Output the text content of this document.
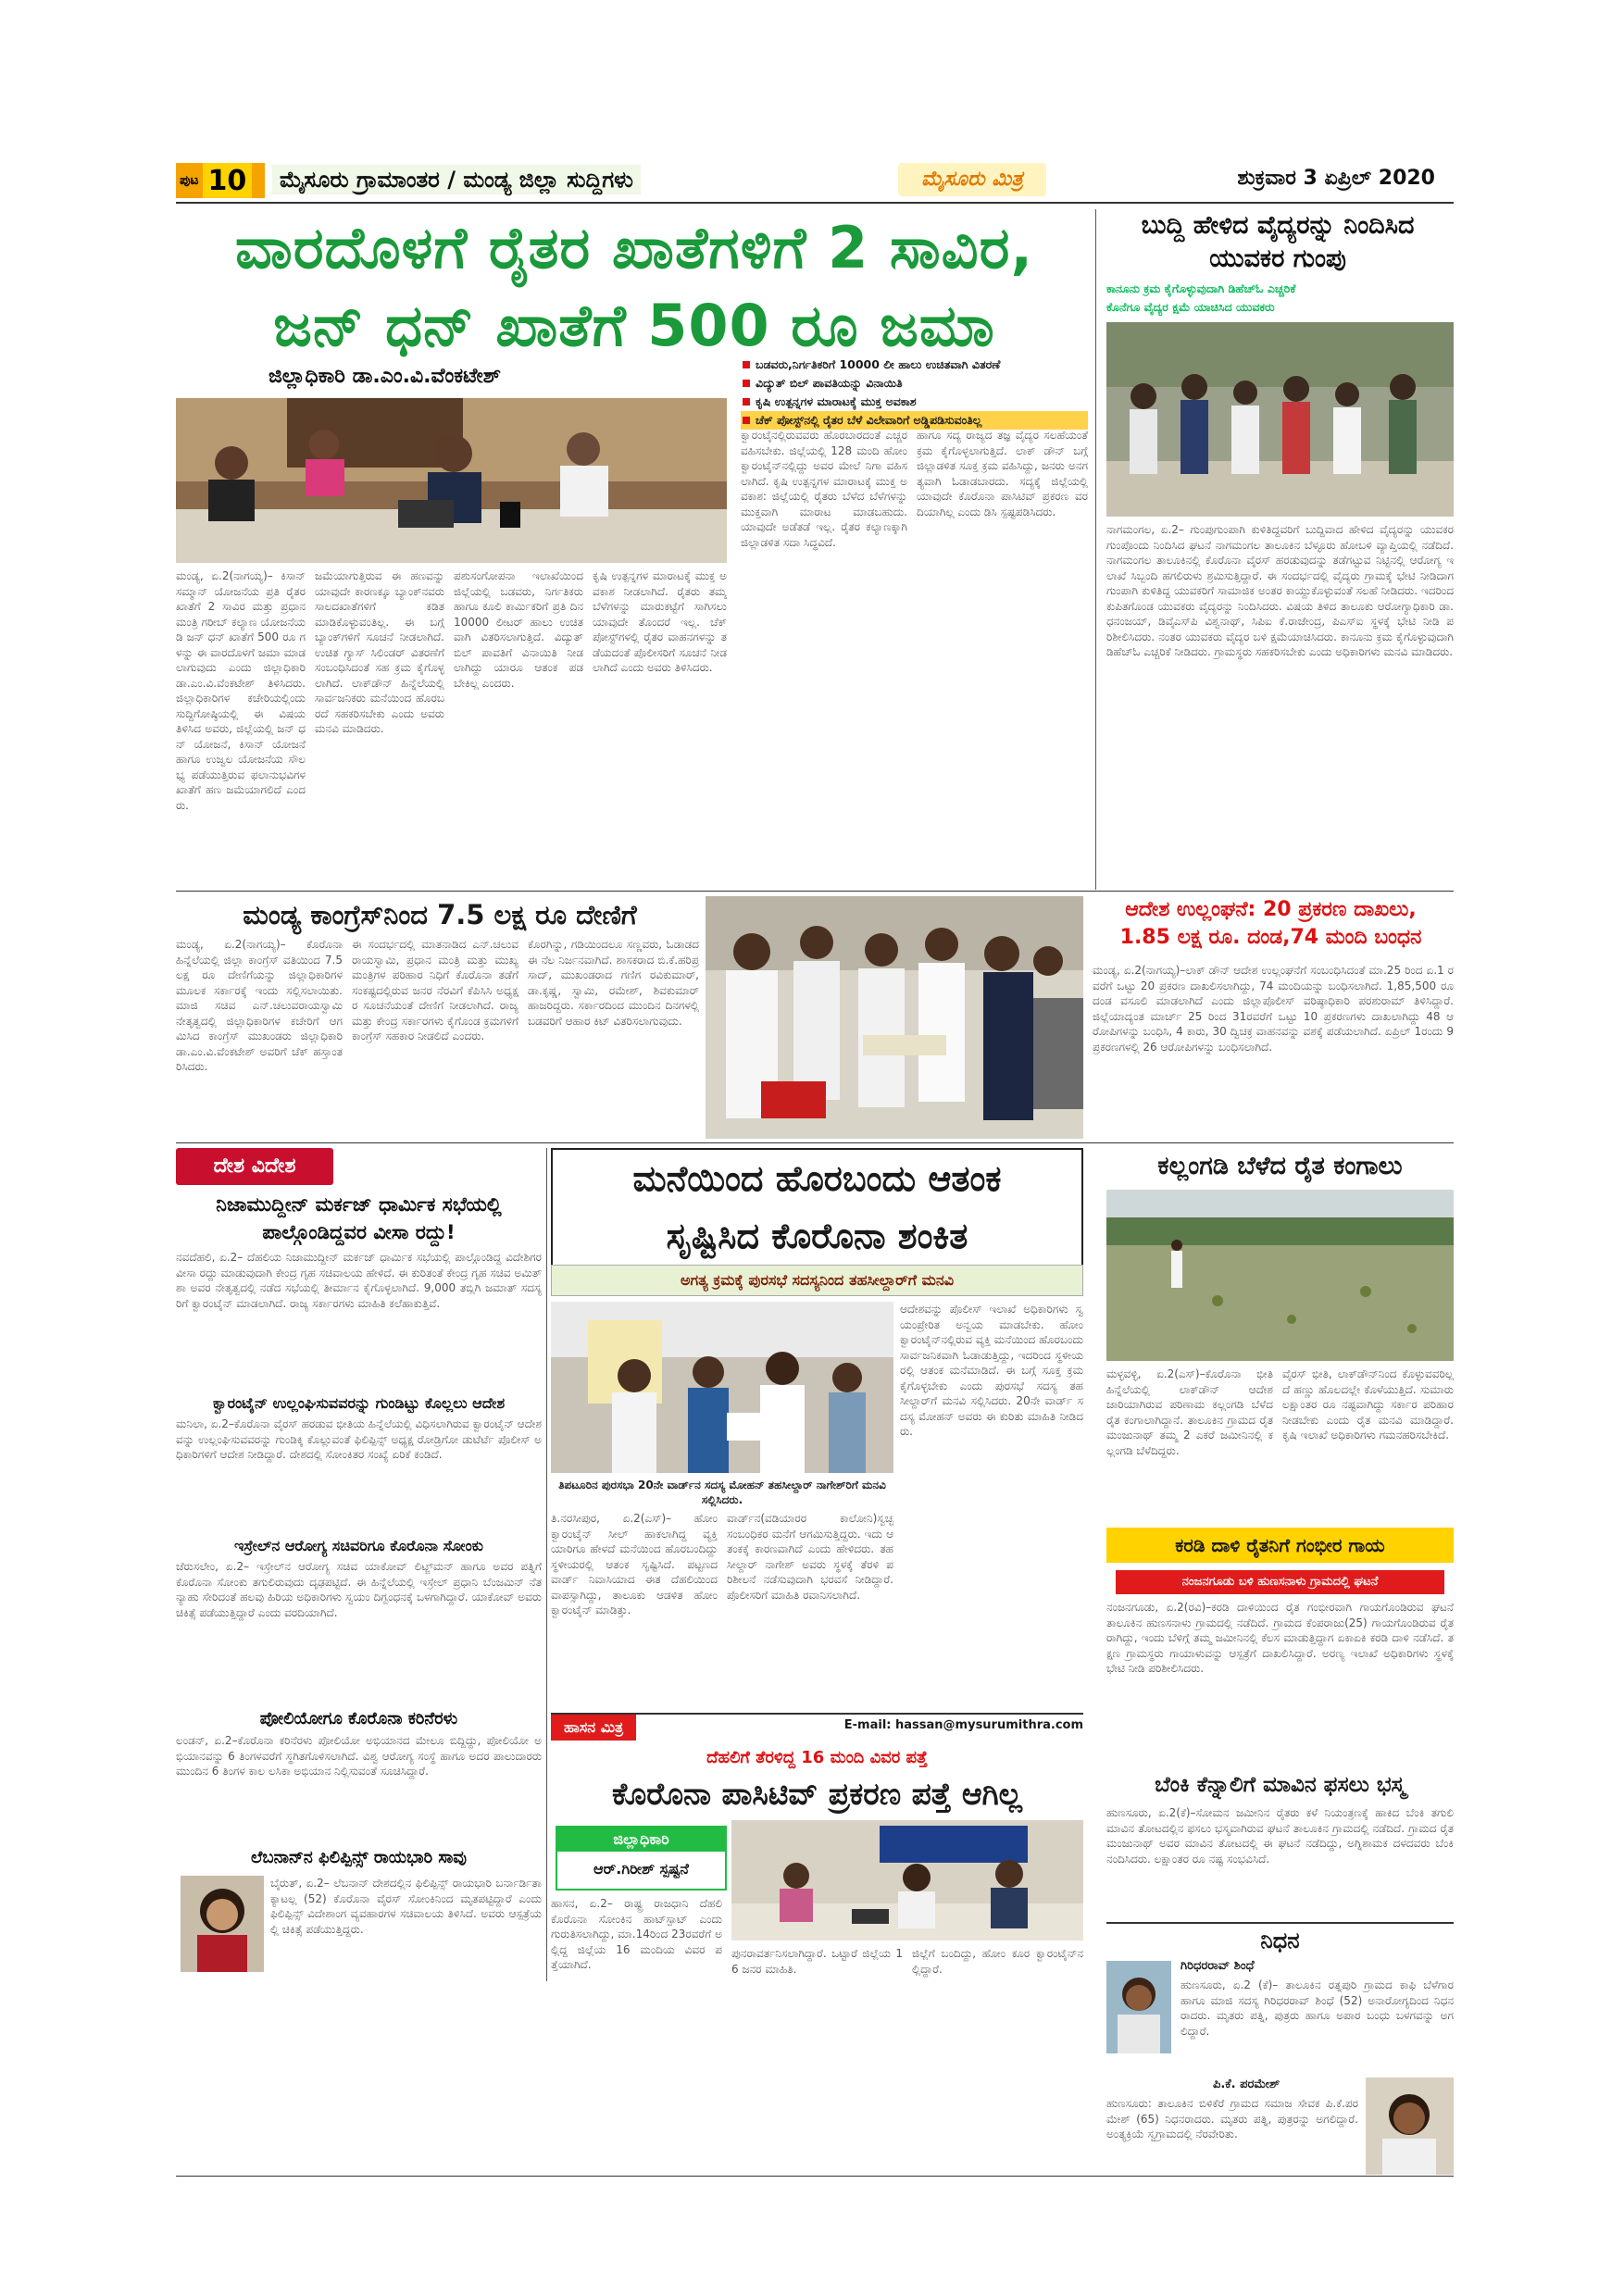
ಪುಟ 10	ಮೈಸೂರು ಗ್ರಾಮಾಂತರ / ಮಂಡ್ಯ ಜಿಲ್ಲಾ ಸುದ್ದಿಗಳು	ಮೈಸೂರು ಮಿತ್ರ	ಶುಕ್ರವಾರ 3 ಏಪ್ರಿಲ್ 2020
ವಾರದೊಳಗೆ ರೈತರ ಖಾತೆಗಳಿಗೆ 2 ಸಾವಿರ,
ಜನ್ ಧನ್ ಖಾತೆಗೆ 500 ರೂ ಜಮಾ
ಜಿಲ್ಲಾಧಿಕಾರಿ ಡಾ.ಎಂ.ವಿ.ವೆಂಕಟೇಶ್
ಬಡವರು,ನಿರ್ಗತಿಕರಿಗೆ 10000 ಲೀ ಹಾಲು ಉಚಿತವಾಗಿ ವಿತರಣೆ
ವಿದ್ಯುತ್ ಬಿಲ್ ಪಾವತಿಯನ್ನು ವಿನಾಯಿತಿ
ಕೃಷಿ ಉತ್ಪನ್ನಗಳ ಮಾರಾಟಕ್ಕೆ ಮುಕ್ತ ಅವಕಾಶ
ಚೆಕ್ ಪೋಸ್ಟ್‌ನಲ್ಲಿ ರೈತರ ಬೆಳೆ ವಿಲೇವಾರಿಗೆ ಅಡ್ಡಿಪಡಿಸುವಂತಿಲ್ಲ
ಮಂಡ್ಯ, ಏ.2(ನಾಗಯ್ಯ)– ಕಿಸಾನ್ ಸಮ್ಮಾನ್ ಯೋಜನೆಯ ಪ್ರತಿ ರೈತರ ಖಾತೆಗೆ 2 ಸಾವಿರ ಮತ್ತು ಪ್ರಧಾನ ಮಂತ್ರಿ ಗರೀಬ್ ಕಲ್ಯಾಣ ಯೋಜನೆಯಡಿ ಜನ್ ಧನ್ ಖಾತೆಗೆ 500 ರೂ ಗಳನ್ನು ಈ ವಾರದೊಳಗೆ ಜಮಾ ಮಾಡಲಾಗುವುದು ಎಂದು ಜಿಲ್ಲಾಧಿಕಾರಿ ಡಾ.ಎಂ.ವಿ.ವೆಂಕಟೇಶ್ ತಿಳಿಸಿದರು. ಜಿಲ್ಲಾಧಿಕಾರಿಗಳ ಕಚೇರಿಯಲ್ಲಿಂದು ಸುದ್ದಿಗೋಷ್ಠಿಯಲ್ಲಿ ಈ ವಿಷಯ ತಿಳಿಸಿದ ಅವರು, ಜಿಲ್ಲೆಯಲ್ಲಿ ಜನ್ ಧನ್ ಯೋಜನೆ, ಕಿಸಾನ್ ಯೋಜನೆ ಹಾಗೂ ಉಜ್ವಲ ಯೋಜನೆಯ ಸೌಲಭ್ಯ ಪಡೆಯುತ್ತಿರುವ ಫಲಾನುಭವಿಗಳ ಖಾತೆಗೆ ಹಣ ಜಮೆಯಾಗಲಿದೆ ಎಂದರು.
ಜಮೆಯಾಗುತ್ತಿರುವ ಈ ಹಣವನ್ನು ಯಾವುದೇ ಕಾರಣಕ್ಕೂ ಬ್ಯಾಂಕ್‌ನವರು ಸಾಲದಖಾತೆಗಳಿಗೆ ಕಡಿತ ಮಾಡಿಕೊಳ್ಳುವಂತಿಲ್ಲ. ಈ ಬಗ್ಗೆ ಬ್ಯಾಂಕ್‌ಗಳಿಗೆ ಸೂಚನೆ ನೀಡಲಾಗಿದೆ. ಉಚಿತ ಗ್ಯಾಸ್ ಸಿಲಿಂಡರ್ ವಿತರಣೆಗೆ ಸಂಬಂಧಿಸಿದಂತೆ ಸಹ ಕ್ರಮ ಕೈಗೊಳ್ಳಲಾಗಿದೆ. ಲಾಕ್‌ಡೌನ್ ಹಿನ್ನೆಲೆಯಲ್ಲಿ ಸಾರ್ವಜನಿಕರು ಮನೆಯಿಂದ ಹೊರಬರದೆ ಸಹಕರಿಸಬೇಕು ಎಂದು ಅವರು ಮನವಿ ಮಾಡಿದರು.
ಪಶುಸಂಗೋಪನಾ ಇಲಾಖೆಯಿಂದ ಜಿಲ್ಲೆಯಲ್ಲಿ ಬಡವರು, ನಿರ್ಗತಿಕರು ಹಾಗೂ ಕೂಲಿ ಕಾರ್ಮಿಕರಿಗೆ ಪ್ರತಿ ದಿನ 10000 ಲೀಟರ್ ಹಾಲು ಉಚಿತವಾಗಿ ವಿತರಿಸಲಾಗುತ್ತಿದೆ. ವಿದ್ಯುತ್ ಬಿಲ್ ಪಾವತಿಗೆ ವಿನಾಯಿತಿ ನೀಡಲಾಗಿದ್ದು ಯಾರೂ ಆತಂಕ ಪಡಬೇಕಿಲ್ಲ ಎಂದರು.
ಕೃಷಿ ಉತ್ಪನ್ನಗಳ ಮಾರಾಟಕ್ಕೆ ಮುಕ್ತ ಅವಕಾಶ ನೀಡಲಾಗಿದೆ. ರೈತರು ತಮ್ಮ ಬೆಳೆಗಳನ್ನು ಮಾರುಕಟ್ಟೆಗೆ ಸಾಗಿಸಲು ಯಾವುದೇ ತೊಂದರೆ ಇಲ್ಲ. ಚೆಕ್ ಪೋಸ್ಟ್‌ಗಳಲ್ಲಿ ರೈತರ ವಾಹನಗಳನ್ನು ತಡೆಯದಂತೆ ಪೊಲೀಸರಿಗೆ ಸೂಚನೆ ನೀಡಲಾಗಿದೆ ಎಂದು ಅವರು ತಿಳಿಸಿದರು.
ಕ್ವಾರಂಟೈನಲ್ಲಿರುವವರು ಹೊರಬಾರದಂತೆ ಎಚ್ಚರ ವಹಿಸಬೇಕು. ಜಿಲ್ಲೆಯಲ್ಲಿ 128 ಮಂದಿ ಹೋಂ ಕ್ವಾರಂಟೈನ್‌ನಲ್ಲಿದ್ದು ಅವರ ಮೇಲೆ ನಿಗಾ ವಹಿಸಲಾಗಿದೆ. ಕೃಷಿ ಉತ್ಪನ್ನಗಳ ಮಾರಾಟಕ್ಕೆ ಮುಕ್ತ ಅವಕಾಶ: ಜಿಲ್ಲೆಯಲ್ಲಿ ರೈತರು ಬೆಳೆದ ಬೆಳೆಗಳನ್ನು ಮುಕ್ತವಾಗಿ ಮಾರಾಟ ಮಾಡಬಹುದು. ಯಾವುದೇ ಅಡೆತಡೆ ಇಲ್ಲ. ರೈತರ ಕಲ್ಯಾಣಕ್ಕಾಗಿ ಜಿಲ್ಲಾಡಳಿತ ಸದಾ ಸಿದ್ಧವಿದೆ.
ಹಾಗೂ ಸದ್ಯ ರಾಜ್ಯದ ತಜ್ಞ ವೈದ್ಯರ ಸಲಹೆಯಂತೆ ಕ್ರಮ ಕೈಗೊಳ್ಳಲಾಗುತ್ತಿದೆ. ಲಾಕ್ ಡೌನ್ ಬಗ್ಗೆ ಜಿಲ್ಲಾಡಳಿತ ಸೂಕ್ತ ಕ್ರಮ ವಹಿಸಿದ್ದು, ಜನರು ಅನಗತ್ಯವಾಗಿ ಓಡಾಡಬಾರದು. ಸದ್ಯಕ್ಕೆ ಜಿಲ್ಲೆಯಲ್ಲಿ ಯಾವುದೇ ಕೊರೊನಾ ಪಾಸಿಟಿವ್ ಪ್ರಕರಣ ವರದಿಯಾಗಿಲ್ಲ ಎಂದು ಡಿಸಿ ಸ್ಪಷ್ಟಪಡಿಸಿದರು.
ಬುದ್ದಿ ಹೇಳಿದ ವೈದ್ಯರನ್ನು ನಿಂದಿಸಿದ ಯುವಕರ ಗುಂಪು
ಕಾನೂನು ಕ್ರಮ ಕೈಗೊಳ್ಳುವುದಾಗಿ ಡಿಹೆಚ್‌ಓ ಎಚ್ಚರಿಕೆ
ಕೊನೆಗೂ ವೈದ್ಯರ ಕ್ಷಮೆ ಯಾಚಿಸಿದ ಯುವಕರು
ನಾಗಮಂಗಲ, ಏ.2– ಗುಂಪುಗುಂಪಾಗಿ ಕುಳಿತಿದ್ದವರಿಗೆ ಬುದ್ದಿವಾದ ಹೇಳಿದ ವೈದ್ಯರನ್ನು ಯುವಕರ ಗುಂಪೊಂದು ನಿಂದಿಸಿದ ಘಟನೆ ನಾಗಮಂಗಲ ತಾಲೂಕಿನ ಬೆಳ್ಳೂರು ಹೋಬಳಿ ವ್ಯಾಪ್ತಿಯಲ್ಲಿ ನಡೆದಿದೆ. ನಾಗಮಂಗಲ ತಾಲೂಕಿನಲ್ಲಿ ಕೊರೊನಾ ವೈರಸ್ ಹರಡುವುದನ್ನು ತಡೆಗಟ್ಟುವ ನಿಟ್ಟಿನಲ್ಲಿ ಆರೋಗ್ಯ ಇಲಾಖೆ ಸಿಬ್ಬಂದಿ ಹಗಲಿರುಳು ಶ್ರಮಿಸುತ್ತಿದ್ದಾರೆ. ಈ ಸಂದರ್ಭದಲ್ಲಿ ವೈದ್ಯರು ಗ್ರಾಮಕ್ಕೆ ಭೇಟಿ ನೀಡಿದಾಗ ಗುಂಪಾಗಿ ಕುಳಿತಿದ್ದ ಯುವಕರಿಗೆ ಸಾಮಾಜಿಕ ಅಂತರ ಕಾಯ್ದುಕೊಳ್ಳುವಂತೆ ಸಲಹೆ ನೀಡಿದರು. ಇದರಿಂದ ಕುಪಿತಗೊಂಡ ಯುವಕರು ವೈದ್ಯರನ್ನು ನಿಂದಿಸಿದರು. ವಿಷಯ ತಿಳಿದ ತಾಲೂಕು ಆರೋಗ್ಯಾಧಿಕಾರಿ ಡಾ.ಧನಂಜಯ್, ಡಿವೈಎಸ್‌ಪಿ ವಿಶ್ವನಾಥ್, ಸಿಪಿಐ ಕೆ.ರಾಜೇಂದ್ರ, ಪಿಎಸ್‌ಐ ಸ್ಥಳಕ್ಕೆ ಭೇಟಿ ನೀಡಿ ಪರಿಶೀಲಿಸಿದರು. ನಂತರ ಯುವಕರು ವೈದ್ಯರ ಬಳಿ ಕ್ಷಮೆಯಾಚಿಸಿದರು. ಕಾನೂನು ಕ್ರಮ ಕೈಗೊಳ್ಳುವುದಾಗಿ ಡಿಹೆಚ್‌ಓ ಎಚ್ಚರಿಕೆ ನೀಡಿದರು. ಗ್ರಾಮಸ್ಥರು ಸಹಕರಿಸಬೇಕು ಎಂದು ಅಧಿಕಾರಿಗಳು ಮನವಿ ಮಾಡಿದರು.
ಮಂಡ್ಯ ಕಾಂಗ್ರೆಸ್‌ನಿಂದ 7.5 ಲಕ್ಷ ರೂ ದೇಣಿಗೆ
ಮಂಡ್ಯ, ಏ.2(ನಾಗಯ್ಯ)– ಕೊರೊನಾ ಹಿನ್ನೆಲೆಯಲ್ಲಿ ಜಿಲ್ಲಾ ಕಾಂಗ್ರೆಸ್ ವತಿಯಿಂದ 7.5 ಲಕ್ಷ ರೂ ದೇಣಿಗೆಯನ್ನು ಜಿಲ್ಲಾಧಿಕಾರಿಗಳ ಮೂಲಕ ಸರ್ಕಾರಕ್ಕೆ ಇಂದು ಸಲ್ಲಿಸಲಾಯಿತು. ಮಾಜಿ ಸಚಿವ ಎನ್.ಚಲುವರಾಯಸ್ವಾಮಿ ನೇತೃತ್ವದಲ್ಲಿ ಜಿಲ್ಲಾಧಿಕಾರಿಗಳ ಕಚೇರಿಗೆ ಆಗಮಿಸಿದ ಕಾಂಗ್ರೆಸ್ ಮುಖಂಡರು ಜಿಲ್ಲಾಧಿಕಾರಿ ಡಾ.ಎಂ.ವಿ.ವೆಂಕಟೇಶ್ ಅವರಿಗೆ ಚೆಕ್ ಹಸ್ತಾಂತರಿಸಿದರು.
ಈ ಸಂದರ್ಭದಲ್ಲಿ ಮಾತನಾಡಿದ ಎನ್.ಚಲುವರಾಯಸ್ವಾಮಿ, ಪ್ರಧಾನ ಮಂತ್ರಿ ಮತ್ತು ಮುಖ್ಯಮಂತ್ರಿಗಳ ಪರಿಹಾರ ನಿಧಿಗೆ ಕೊರೊನಾ ತಡೆಗೆ ಸಂಕಷ್ಟದಲ್ಲಿರುವ ಜನರ ನೆರವಿಗೆ ಕೆಪಿಸಿಸಿ ಅಧ್ಯಕ್ಷರ ಸೂಚನೆಯಂತೆ ದೇಣಿಗೆ ನೀಡಲಾಗಿದೆ. ರಾಜ್ಯ ಮತ್ತು ಕೇಂದ್ರ ಸರ್ಕಾರಗಳು ಕೈಗೊಂಡ ಕ್ರಮಗಳಿಗೆ ಕಾಂಗ್ರೆಸ್ ಸಹಕಾರ ನೀಡಲಿದೆ ಎಂದರು.
ಕೊರಗಿನ್ನು, ಗಡಿಯಿಂದಲೂ ಸಣ್ಣವರು, ಓಡಾಡದ ಈ ನೆಲ ನಿರ್ಜನವಾಗಿದೆ. ಶಾಸಕರಾದ ಬಿ.ಕೆ.ಹರಿಪ್ರಸಾದ್, ಮುಖಂಡರಾದ ಗಣಿಗ ರವಿಕುಮಾರ್, ಡಾ.ಕೃಷ್ಣ, ಸ್ವಾಮಿ, ರಮೇಶ್, ಶಿವಕುಮಾರ್ ಹಾಜರಿದ್ದರು. ಸರ್ಕಾರದಿಂದ ಮುಂದಿನ ದಿನಗಳಲ್ಲಿ ಬಡವರಿಗೆ ಆಹಾರ ಕಿಟ್ ವಿತರಿಸಲಾಗುವುದು.
ಆದೇಶ ಉಲ್ಲಂಘನೆ: 20 ಪ್ರಕರಣ ದಾಖಲು,
1.85 ಲಕ್ಷ ರೂ. ದಂಡ,74 ಮಂದಿ ಬಂಧನ
ಮಂಡ್ಯ, ಏ.2(ನಾಗಯ್ಯ)–ಲಾಕ್ ಡೌನ್ ಆದೇಶ ಉಲ್ಲಂಘನೆಗೆ ಸಂಬಂಧಿಸಿದಂತೆ ಮಾ.25 ರಿಂದ ಏ.1 ರವರೆಗೆ ಒಟ್ಟು 20 ಪ್ರಕರಣ ದಾಖಲಿಸಲಾಗಿದ್ದು, 74 ಮಂದಿಯನ್ನು ಬಂಧಿಸಲಾಗಿದೆ. 1,85,500 ರೂ ದಂಡ ವಸೂಲಿ ಮಾಡಲಾಗಿದೆ ಎಂದು ಜಿಲ್ಲಾಪೊಲೀಸ್ ವರಿಷ್ಠಾಧಿಕಾರಿ ಪರಶುರಾಮ್ ತಿಳಿಸಿದ್ದಾರೆ. ಜಿಲ್ಲೆಯಾದ್ಯಂತ ಮಾರ್ಚ್ 25 ರಿಂದ 31ರವರೆಗೆ ಒಟ್ಟು 10 ಪ್ರಕರಣಗಳು ದಾಖಲಾಗಿದ್ದು 48 ಆರೋಪಿಗಳನ್ನು ಬಂಧಿಸಿ, 4 ಕಾರು, 30 ದ್ವಿಚಕ್ರ ವಾಹನವನ್ನು ವಶಕ್ಕೆ ಪಡೆಯಲಾಗಿದೆ. ಏಪ್ರಿಲ್ 1ರಂದು 9 ಪ್ರಕರಣಗಳಲ್ಲಿ 26 ಆರೋಪಿಗಳನ್ನು ಬಂಧಿಸಲಾಗಿದೆ.
ದೇಶ ವಿದೇಶ
ನಿಜಾಮುದ್ದೀನ್ ಮರ್ಕಜ್ ಧಾರ್ಮಿಕ ಸಭೆಯಲ್ಲಿ ಪಾಲ್ಗೊಂಡಿದ್ದವರ ವೀಸಾ ರದ್ದು!
ನವದೆಹಲಿ, ಏ.2– ದೆಹಲಿಯ ನಿಜಾಮುದ್ದೀನ್ ಮರ್ಕಜ್ ಧಾರ್ಮಿಕ ಸಭೆಯಲ್ಲಿ ಪಾಲ್ಗೊಂಡಿದ್ದ ವಿದೇಶಿಗರ ವೀಸಾ ರದ್ದು ಮಾಡುವುದಾಗಿ ಕೇಂದ್ರ ಗೃಹ ಸಚಿವಾಲಯ ಹೇಳಿದೆ. ಈ ಕುರಿತಂತೆ ಕೇಂದ್ರ ಗೃಹ ಸಚಿವ ಅಮಿತ್ ಶಾ ಅವರ ನೇತೃತ್ವದಲ್ಲಿ ನಡೆದ ಸಭೆಯಲ್ಲಿ ತೀರ್ಮಾನ ಕೈಗೊಳ್ಳಲಾಗಿದೆ. 9,000 ತಬ್ಲಿಗಿ ಜಮಾತ್ ಸದಸ್ಯರಿಗೆ ಕ್ವಾರಂಟೈನ್ ಮಾಡಲಾಗಿದೆ. ರಾಜ್ಯ ಸರ್ಕಾರಗಳು ಮಾಹಿತಿ ಕಲೆಹಾಕುತ್ತಿವೆ.
ಕ್ವಾರಂಟೈನ್ ಉಲ್ಲಂಘಿಸುವವರನ್ನು ಗುಂಡಿಟ್ಟು ಕೊಲ್ಲಲು ಆದೇಶ
ಮನಿಲಾ, ಏ.2–ಕೊರೊನಾ ವೈರಸ್ ಹರಡುವ ಭೀತಿಯ ಹಿನ್ನೆಲೆಯಲ್ಲಿ ವಿಧಿಸಲಾಗಿರುವ ಕ್ವಾರಂಟೈನ್ ಆದೇಶವನ್ನು ಉಲ್ಲಂಘಿಸುವವರನ್ನು ಗುಂಡಿಕ್ಕಿ ಕೊಲ್ಲುವಂತೆ ಫಿಲಿಪ್ಪಿನ್ಸ್ ಅಧ್ಯಕ್ಷ ರೋಡ್ರಿಗೋ ಡುಟೆರ್ಟೆ ಪೊಲೀಸ್ ಅಧಿಕಾರಿಗಳಿಗೆ ಆದೇಶ ನೀಡಿದ್ದಾರೆ. ದೇಶದಲ್ಲಿ ಸೋಂಕಿತರ ಸಂಖ್ಯೆ ಏರಿಕೆ ಕಂಡಿದೆ.
ಇಸ್ರೇಲ್‌ನ ಆರೋಗ್ಯ ಸಚಿವರಿಗೂ ಕೊರೊನಾ ಸೋಂಕು
ಜೆರುಸಲೇಂ, ಏ.2– ಇಸ್ರೇಲ್‌ನ ಆರೋಗ್ಯ ಸಚಿವ ಯಾಕೋವ್ ಲಿಟ್ಜ್‌ಮನ್ ಹಾಗೂ ಅವರ ಪತ್ನಿಗೆ ಕೊರೊನಾ ಸೋಂಕು ತಗುಲಿರುವುದು ದೃಢಪಟ್ಟಿದೆ. ಈ ಹಿನ್ನೆಲೆಯಲ್ಲಿ ಇಸ್ರೇಲ್ ಪ್ರಧಾನಿ ಬೆಂಜಮಿನ್ ನೆತನ್ಯಾಹು ಸೇರಿದಂತೆ ಹಲವು ಹಿರಿಯ ಅಧಿಕಾರಿಗಳು ಸ್ವಯಂ ದಿಗ್ಬಂಧನಕ್ಕೆ ಒಳಗಾಗಿದ್ದಾರೆ. ಯಾಕೋವ್ ಅವರು ಚಿಕಿತ್ಸೆ ಪಡೆಯುತ್ತಿದ್ದಾರೆ ಎಂದು ವರದಿಯಾಗಿದೆ.
ಪೋಲಿಯೋಗೂ ಕೊರೊನಾ ಕರಿನೆರಳು
ಲಂಡನ್, ಏ.2–ಕೊರೊನಾ ಕರಿನೆರಳು ಪೋಲಿಯೋ ಅಭಿಯಾನದ ಮೇಲೂ ಬಿದ್ದಿದ್ದು, ಪೋಲಿಯೋ ಅಭಿಯಾನವನ್ನು 6 ತಿಂಗಳವರೆಗೆ ಸ್ಥಗಿತಗೊಳಿಸಲಾಗಿದೆ. ವಿಶ್ವ ಆರೋಗ್ಯ ಸಂಸ್ಥೆ ಹಾಗೂ ಅದರ ಪಾಲುದಾರರು ಮುಂದಿನ 6 ತಿಂಗಳ ಕಾಲ ಲಸಿಕಾ ಅಭಿಯಾನ ನಿಲ್ಲಿಸುವಂತೆ ಸೂಚಿಸಿದ್ದಾರೆ.
ಲೆಬನಾನ್‌ನ ಫಿಲಿಪ್ಪಿನ್ಸ್ ರಾಯಭಾರಿ ಸಾವು
ಬೈರುತ್, ಏ.2– ಲೆಬನಾನ್ ದೇಶದಲ್ಲಿನ ಫಿಲಿಪ್ಪಿನ್ಸ್ ರಾಯಭಾರಿ ಬರ್ನಾರ್ಡಿತಾ ಕ್ಯಾಟಲ್ಲ (52) ಕೊರೊನಾ ವೈರಸ್ ಸೋಂಕಿನಿಂದ ಮೃತಪಟ್ಟಿದ್ದಾರೆ ಎಂದು ಫಿಲಿಪ್ಪಿನ್ಸ್ ವಿದೇಶಾಂಗ ವ್ಯವಹಾರಗಳ ಸಚಿವಾಲಯ ತಿಳಿಸಿದೆ. ಅವರು ಆಸ್ಪತ್ರೆಯಲ್ಲಿ ಚಿಕಿತ್ಸೆ ಪಡೆಯುತ್ತಿದ್ದರು.
ಮನೆಯಿಂದ ಹೊರಬಂದು ಆತಂಕ
ಸೃಷ್ಟಿಸಿದ ಕೊರೊನಾ ಶಂಕಿತ
ಅಗತ್ಯ ಕ್ರಮಕ್ಕೆ ಪುರಸಭೆ ಸದಸ್ಯನಿಂದ ತಹಸೀಲ್ದಾರ್‌ಗೆ ಮನವಿ
ತಿಪಟೂರಿನ ಪುರಸಭಾ 20ನೇ ವಾರ್ಡ್‌ನ ಸದಸ್ಯ ಮೋಹನ್ ತಹಸೀಲ್ದಾರ್ ನಾಗೇಶ್‌ರಿಗೆ ಮನವಿ ಸಲ್ಲಿಸಿದರು.
ಆದೇಶವನ್ನು ಪೊಲೀಸ್ ಇಲಾಖೆ ಅಧಿಕಾರಿಗಳು ಸ್ವಯಂಪ್ರೇರಿತ ಅನ್ವಯ ಮಾಡಬೇಕು. ಹೋಂ ಕ್ವಾರಂಟೈನ್‌ನಲ್ಲಿರುವ ವ್ಯಕ್ತಿ ಮನೆಯಿಂದ ಹೊರಬಂದು ಸಾರ್ವಜನಿಕವಾಗಿ ಓಡಾಡುತ್ತಿದ್ದು, ಇದರಿಂದ ಸ್ಥಳೀಯರಲ್ಲಿ ಆತಂಕ ಮನೆಮಾಡಿದೆ. ಈ ಬಗ್ಗೆ ಸೂಕ್ತ ಕ್ರಮ ಕೈಗೊಳ್ಳಬೇಕು ಎಂದು ಪುರಸಭೆ ಸದಸ್ಯ ತಹಸೀಲ್ದಾರ್‌ಗೆ ಮನವಿ ಸಲ್ಲಿಸಿದರು. 20ನೇ ವಾರ್ಡ್ ಸದಸ್ಯ ಮೋಹನ್ ಅವರು ಈ ಕುರಿತು ಮಾಹಿತಿ ನೀಡಿದರು.
ತಿ.ನರಸೀಪುರ, ಏ.2(ಎಸ್)– ಹೋಂ ಕ್ವಾರಂಟೈನ್ ಸೀಲ್ ಹಾಕಲಾಗಿದ್ದ ವ್ಯಕ್ತಿ ಯಾರಿಗೂ ಹೇಳದೆ ಮನೆಯಿಂದ ಹೊರಬಂದಿದ್ದು ಸ್ಥಳೀಯರಲ್ಲಿ ಆತಂಕ ಸೃಷ್ಟಿಸಿದೆ. ಪಟ್ಟಣದ ವಾರ್ಡ್ ನಿವಾಸಿಯಾದ ಈತ ದೆಹಲಿಯಿಂದ ವಾಪಸ್ಸಾಗಿದ್ದು, ತಾಲೂಕು ಆಡಳಿತ ಹೋಂ ಕ್ವಾರಂಟೈನ್ ಮಾಡಿತ್ತು.
ವಾರ್ಡ್‌ನ(ವಡಿಯಾರರ ಕಾಲೋನಿ)ಸ್ವಚ್ಛ ಸಂಬಂಧಿಕರ ಮನೆಗೆ ಆಗಮಿಸುತ್ತಿದ್ದರು. ಇದು ಆತಂಕಕ್ಕೆ ಕಾರಣವಾಗಿದೆ ಎಂದು ಹೇಳಿದರು. ತಹಸೀಲ್ದಾರ್ ನಾಗೇಶ್ ಅವರು ಸ್ಥಳಕ್ಕೆ ತೆರಳಿ ಪರಿಶೀಲನೆ ನಡೆಸುವುದಾಗಿ ಭರವಸೆ ನೀಡಿದ್ದಾರೆ. ಪೊಲೀಸರಿಗೆ ಮಾಹಿತಿ ರವಾನಿಸಲಾಗಿದೆ.
ಕಲ್ಲಂಗಡಿ ಬೆಳೆದ ರೈತ ಕಂಗಾಲು
ಮಳ್ಳವಳ್ಳಿ, ಏ.2(ಎಸ್)–ಕೊರೊನಾ ಭೀತಿ ಹಿನ್ನೆಲೆಯಲ್ಲಿ ಲಾಕ್‌ಡೌನ್ ಆದೇಶ ಜಾರಿಯಾಗಿರುವ ಪರಿಣಾಮ ಕಲ್ಲಂಗಡಿ ಬೆಳೆದ ರೈತ ಕಂಗಾಲಾಗಿದ್ದಾನೆ. ತಾಲೂಕಿನ ಗ್ರಾಮದ ರೈತ ಮಂಜುನಾಥ್ ತಮ್ಮ 2 ಎಕರೆ ಜಮೀನಿನಲ್ಲಿ ಕಲ್ಲಂಗಡಿ ಬೆಳೆದಿದ್ದರು.
ವೈರಸ್ ಭೀತಿ, ಲಾಕ್‌ಡೌನ್‌ನಿಂದ ಕೊಳ್ಳುವವರಿಲ್ಲದೆ ಹಣ್ಣು ಹೊಲದಲ್ಲೇ ಕೊಳೆಯುತ್ತಿದೆ. ಸುಮಾರು ಲಕ್ಷಾಂತರ ರೂ ನಷ್ಟವಾಗಿದ್ದು ಸರ್ಕಾರ ಪರಿಹಾರ ನೀಡಬೇಕು ಎಂದು ರೈತ ಮನವಿ ಮಾಡಿದ್ದಾರೆ. ಕೃಷಿ ಇಲಾಖೆ ಅಧಿಕಾರಿಗಳು ಗಮನಹರಿಸಬೇಕಿದೆ.
ಕರಡಿ ದಾಳಿ ರೈತನಿಗೆ ಗಂಭೀರ ಗಾಯ
ನಂಜನಗೂಡು ಬಳಿ ಹುಣಸನಾಳು ಗ್ರಾಮದಲ್ಲಿ ಘಟನೆ
ನಂಜನಗೂಡು, ಏ.2(ರವಿ)–ಕರಡಿ ದಾಳಿಯಿಂದ ರೈತ ಗಂಭೀರವಾಗಿ ಗಾಯಗೊಂಡಿರುವ ಘಟನೆ ತಾಲೂಕಿನ ಹುಣಸನಾಳು ಗ್ರಾಮದಲ್ಲಿ ನಡೆದಿದೆ. ಗ್ರಾಮದ ಕೆಂಪರಾಜು(25) ಗಾಯಗೊಂಡಿರುವ ರೈತರಾಗಿದ್ದು, ಇಂದು ಬೆಳಿಗ್ಗೆ ತಮ್ಮ ಜಮೀನಿನಲ್ಲಿ ಕೆಲಸ ಮಾಡುತ್ತಿದ್ದಾಗ ಏಕಾಏಕಿ ಕರಡಿ ದಾಳಿ ನಡೆಸಿದೆ. ತಕ್ಷಣ ಗ್ರಾಮಸ್ಥರು ಗಾಯಾಳುವನ್ನು ಆಸ್ಪತ್ರೆಗೆ ದಾಖಲಿಸಿದ್ದಾರೆ. ಅರಣ್ಯ ಇಲಾಖೆ ಅಧಿಕಾರಿಗಳು ಸ್ಥಳಕ್ಕೆ ಭೇಟಿ ನೀಡಿ ಪರಿಶೀಲಿಸಿದರು.
ಹಾಸನ ಮಿತ್ರ	E-mail: hassan@mysurumithra.com
ದೆಹಲಿಗೆ ತೆರಳಿದ್ದ 16 ಮಂದಿ ವಿವರ ಪತ್ತೆ
ಕೊರೊನಾ ಪಾಸಿಟಿವ್ ಪ್ರಕರಣ ಪತ್ತೆ ಆಗಿಲ್ಲ
ಜಿಲ್ಲಾಧಿಕಾರಿ
ಆರ್.ಗಿರೀಶ್ ಸ್ಪಷ್ಟನೆ
ಹಾಸನ, ಏ.2– ರಾಷ್ಟ್ರ ರಾಜಧಾನಿ ದೆಹಲಿ ಕೊರೊನಾ ಸೋಂಕಿನ ಹಾಟ್‌ಸ್ಪಾಟ್ ಎಂದು ಗುರುತಿಸಲಾಗಿದ್ದು, ಮಾ.14ರಿಂದ 23ರವರೆಗೆ ಅಲ್ಲಿದ್ದ ಜಿಲ್ಲೆಯ 16 ಮಂದಿಯ ವಿವರ ಪತ್ತೆಯಾಗಿದೆ.
ಪುನರಾವರ್ತನಿಸಲಾಗಿದ್ದಾರೆ. ಒಟ್ಟಾರೆ ಜಿಲ್ಲೆಯ 16 ಜನರ ಮಾಹಿತಿ.
ಜಿಲ್ಲೆಗೆ ಬಂದಿದ್ದು, ಹೋಂ ಕೂರ ಕ್ವಾರಂಟೈನ್‌ನಲ್ಲಿದ್ದಾರೆ.
ಬೆಂಕಿ ಕೆನ್ನಾಲಿಗೆ ಮಾವಿನ ಫಸಲು ಭಸ್ಮ
ಹುಣಸೂರು, ಏ.2(ಕೆ)–ಸೋಮನ ಜಮೀನಿನ ರೈತರು ಕಳೆ ನಿಯಂತ್ರಣಕ್ಕೆ ಹಾಕಿದ ಬೆಂಕಿ ತಗುಲಿ ಮಾವಿನ ತೋಟದಲ್ಲಿನ ಫಸಲು ಭಸ್ಮವಾಗಿರುವ ಘಟನೆ ತಾಲೂಕಿನ ಗ್ರಾಮದಲ್ಲಿ ನಡೆದಿದೆ. ಗ್ರಾಮದ ರೈತ ಮಂಜುನಾಥ್ ಅವರ ಮಾವಿನ ತೋಟದಲ್ಲಿ ಈ ಘಟನೆ ನಡೆದಿದ್ದು, ಅಗ್ನಿಶಾಮಕ ದಳದವರು ಬೆಂಕಿ ನಂದಿಸಿದರು. ಲಕ್ಷಾಂತರ ರೂ ನಷ್ಟ ಸಂಭವಿಸಿದೆ.
ನಿಧನ
ಗಿರಿಧರರಾವ್ ಶಿಂಧೆ
ಹುಣಸೂರು, ಏ.2 (ಕೆ)– ತಾಲೂಕಿನ ರತ್ನಪುರಿ ಗ್ರಾಮದ ಕಾಫಿ ಬೆಳೆಗಾರ ಹಾಗೂ ಮಾಜಿ ಸದಸ್ಯ ಗಿರಿಧರರಾವ್ ಶಿಂಧೆ (52) ಅನಾರೋಗ್ಯದಿಂದ ನಿಧನರಾದರು. ಮೃತರು ಪತ್ನಿ, ಪುತ್ರರು ಹಾಗೂ ಅಪಾರ ಬಂಧು ಬಳಗವನ್ನು ಅಗಲಿದ್ದಾರೆ.
ಪಿ.ಕೆ. ಪರಮೇಶ್
ಹುಣಸೂರು: ತಾಲೂಕಿನ ಬಿಳಿಕೆರೆ ಗ್ರಾಮದ ಸಮಾಜ ಸೇವಕ ಪಿ.ಕೆ.ಪರಮೇಶ್ (65) ನಿಧನರಾದರು. ಮೃತರು ಪತ್ನಿ, ಪುತ್ರರನ್ನು ಅಗಲಿದ್ದಾರೆ. ಅಂತ್ಯಕ್ರಿಯೆ ಸ್ವಗ್ರಾಮದಲ್ಲಿ ನೆರವೇರಿತು.
